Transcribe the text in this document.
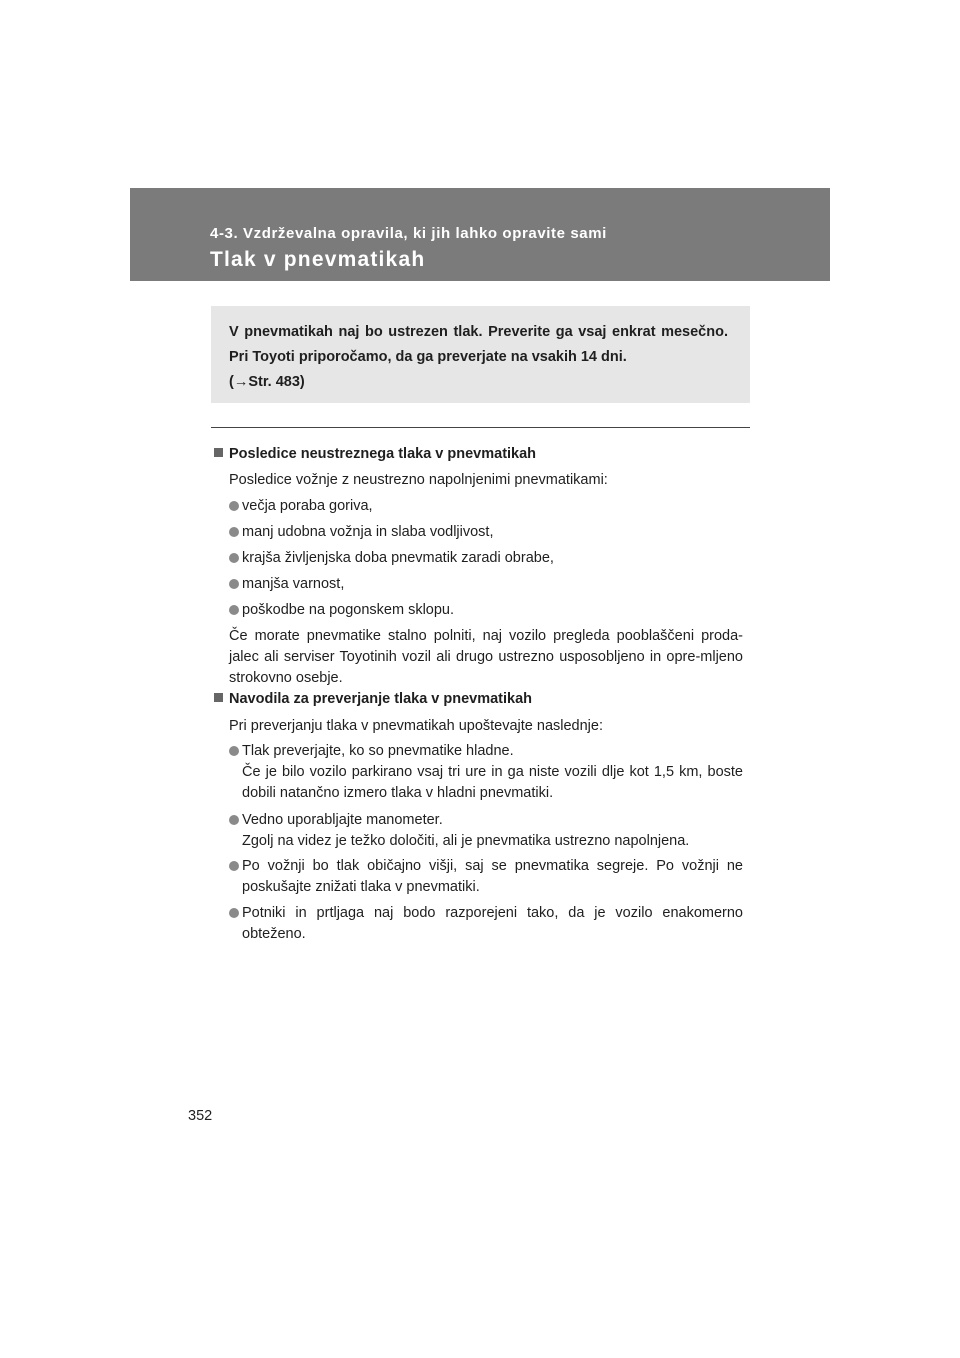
4-3. Vzdrževalna opravila, ki jih lahko opravite sami
Tlak v pnevmatikah

V pnevmatikah naj bo ustrezen tlak. Preverite ga vsaj enkrat mesečno. Pri Toyoti priporočamo, da ga preverjate na vsakih 14 dni.

(→Str. 483)
Posledice neustreznega tlaka v pnevmatikah
Posledice vožnje z neustrezno napolnjenimi pnevmatikami:
večja poraba goriva,
manj udobna vožnja in slaba vodljivost,
krajša življenjska doba pnevmatik zaradi obrabe,
manjša varnost,
poškodbe na pogonskem sklopu.
Če morate pnevmatike stalno polniti, naj vozilo pregleda pooblaščeni proda-jalec ali serviser Toyotinih vozil ali drugo ustrezno usposobljeno in opre-mljeno strokovno osebje.
Navodila za preverjanje tlaka v pnevmatikah
Pri preverjanju tlaka v pnevmatikah upoštevajte naslednje:
Tlak preverjajte, ko so pnevmatike hladne.
Če je bilo vozilo parkirano vsaj tri ure in ga niste vozili dlje kot 1,5 km, boste dobili natančno izmero tlaka v hladni pnevmatiki.
Vedno uporabljajte manometer.
Zgolj na videz je težko določiti, ali je pnevmatika ustrezno napolnjena.
Po vožnji bo tlak običajno višji, saj se pnevmatika segreje. Po vožnji ne poskušajte znižati tlaka v pnevmatiki.
Potniki in prtljaga naj bodo razporejeni tako, da je vozilo enakomerno obteženo.
352
